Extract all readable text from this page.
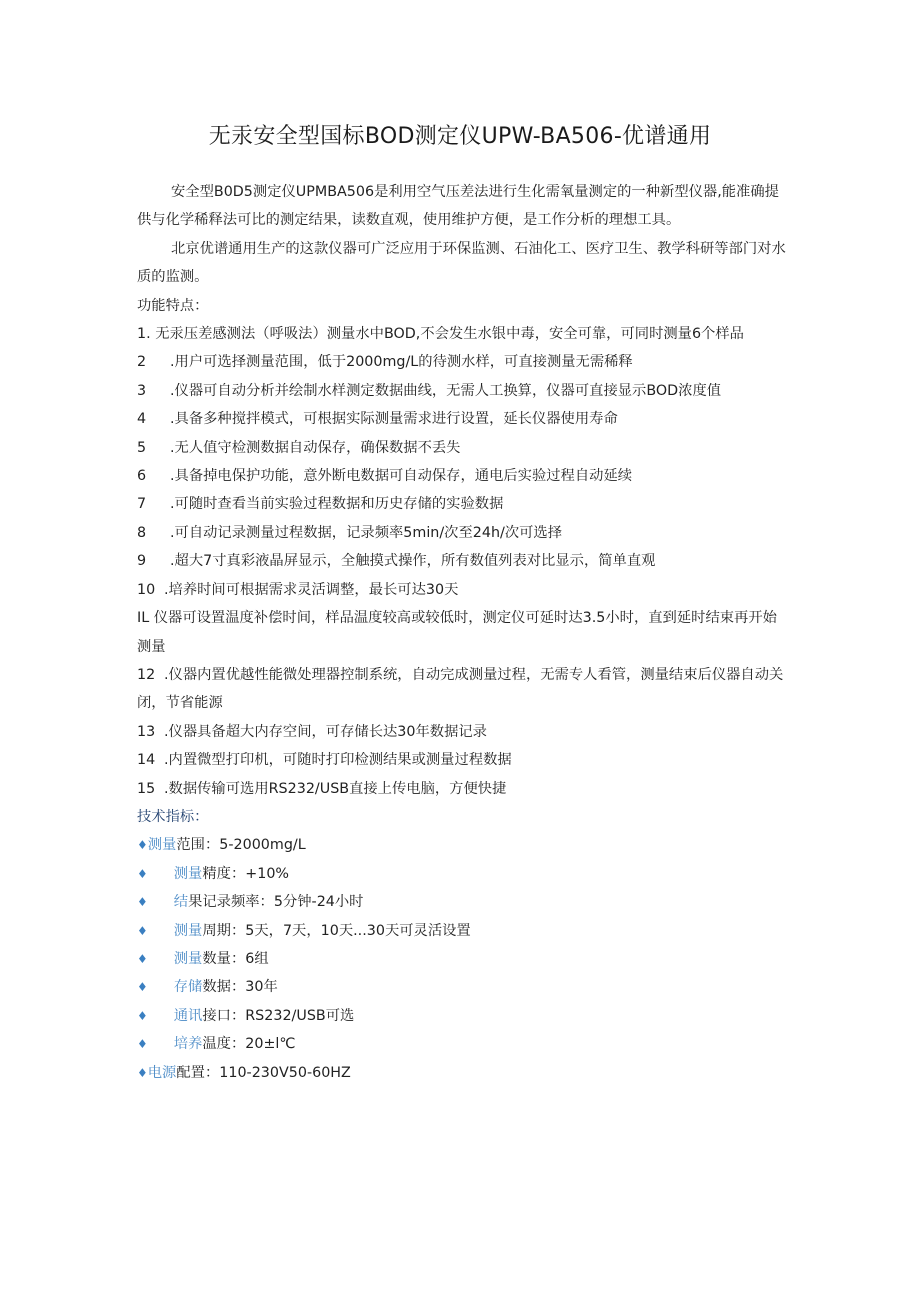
无汞安全型国标BOD测定仪UPW-BA506-优谱通用

安全型B0D5测定仪UPMBA506是利用空气压差法进行生化需氧量测定的一种新型仪器,能准确提供与化学稀释法可比的测定结果，读数直观，使用维护方便，是工作分析的理想工具。

北京优谱通用生产的这款仪器可广泛应用于环保监测、石油化工、医疗卫生、教学科研等部门对水质的监测。

功能特点：

1. 无汞压差感测法（呼吸法）测量水中BOD,不会发生水银中毒，安全可靠，可同时测量6个样品

2 .用户可选择测量范围，低于2000mg∕L的待测水样，可直接测量无需稀释

3 .仪器可自动分析并绘制水样测定数据曲线，无需人工换算，仪器可直接显示BOD浓度值

4 .具备多种搅拌模式，可根据实际测量需求进行设置，延长仪器使用寿命

5 .无人值守检测数据自动保存，确保数据不丢失

6 .具备掉电保护功能，意外断电数据可自动保存，通电后实验过程自动延续

7 .可随时查看当前实验过程数据和历史存储的实验数据

8 .可自动记录测量过程数据，记录频率5min∕次至24h∕次可选择

9 .超大7寸真彩液晶屏显示，全触摸式操作，所有数值列表对比显示，简单直观

10 .培养时间可根据需求灵活调整，最长可达30天

IL 仪器可设置温度补偿时间，样品温度较高或较低时，测定仪可延时达3.5小时，直到延时结束再开始测量

12 .仪器内置优越性能微处理器控制系统，自动完成测量过程，无需专人看管，测量结束后仪器自动关闭，节省能源

13 .仪器具备超大内存空间，可存储长达30年数据记录

14 .内置微型打印机，可随时打印检测结果或测量过程数据

15 .数据传输可选用RS232/USB直接上传电脑，方便快捷

技术指标：

♦测量范围：5-2000mg∕L

♦ 测量精度：+10%

♦ 结果记录频率：5分钟-24小时

♦ 测量周期：5天，7天，10天...30天可灵活设置

♦ 测量数量：6组

♦ 存储数据：30年

♦ 通讯接口：RS232∕USB可选

♦ 培养温度：20±l℃

♦电源配置：110-230V50-60HZ
